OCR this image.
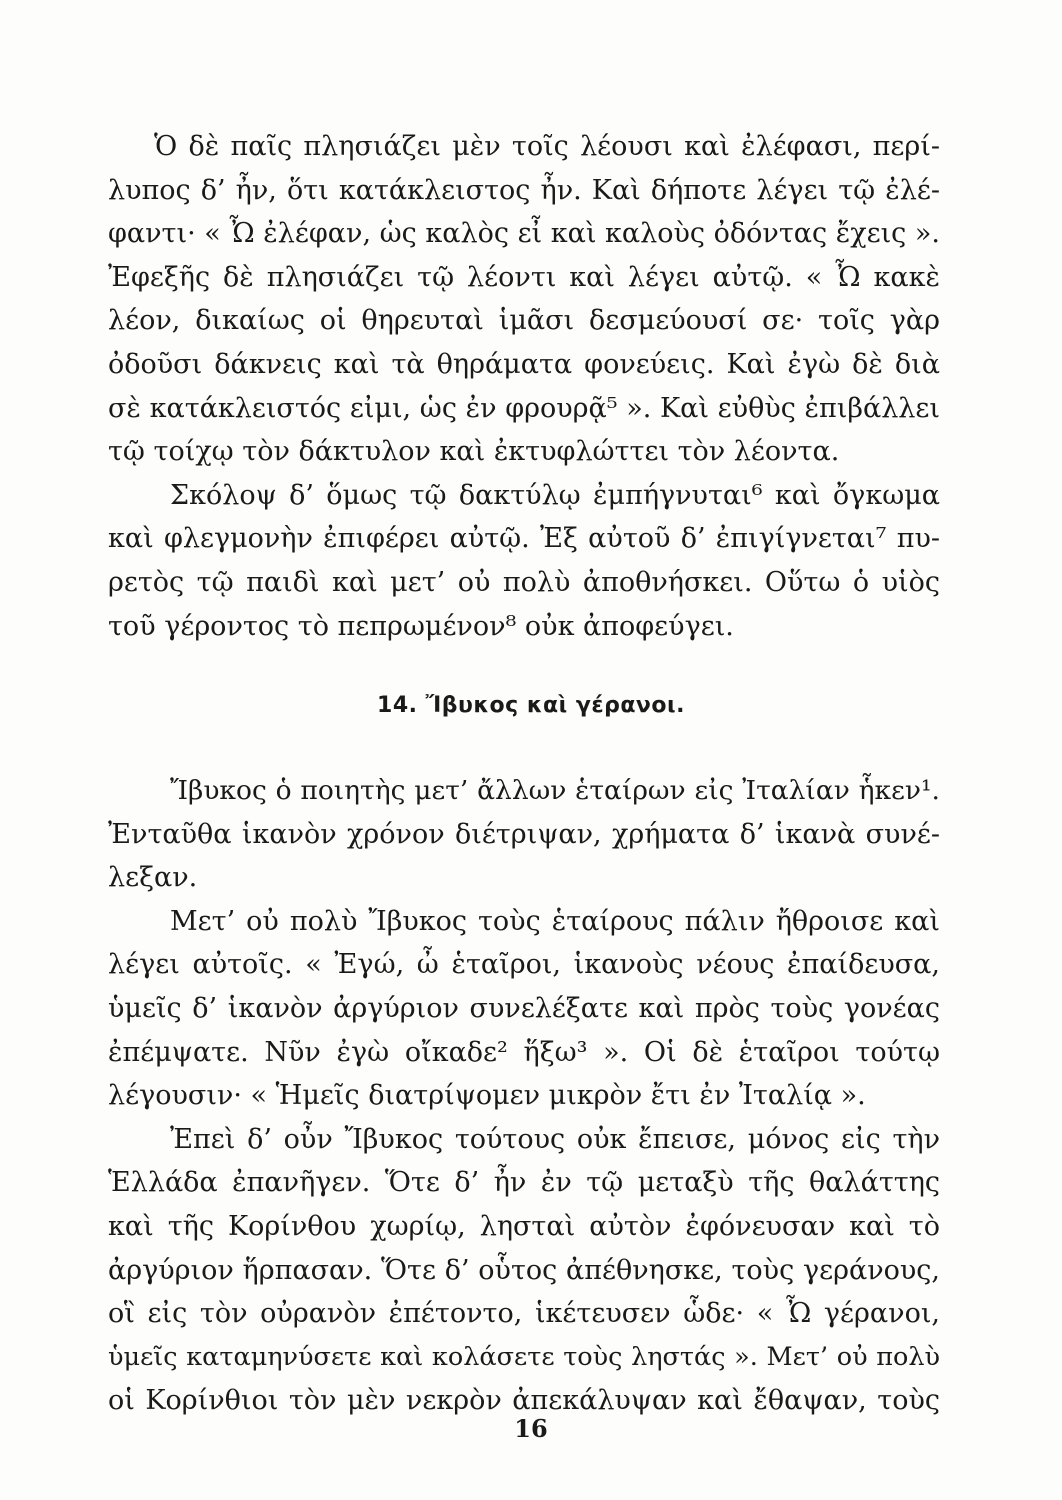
Ὁ δὲ παῖς πλησιάζει μὲν τοῖς λέουσι καὶ ἐλέφασι, περί-
λυπος δ’ ἦν, ὅτι κατάκλειστος ἦν. Καὶ δήποτε λέγει τῷ ἐλέ-
φαντι· « Ὦ ἐλέφαν, ὡς καλὸς εἶ καὶ καλοὺς ὀδόντας ἔχεις ».
Ἐφεξῆς δὲ πλησιάζει τῷ λέοντι καὶ λέγει αὐτῷ. « Ὦ κακὲ
λέον, δικαίως οἱ θηρευταὶ ἱμᾶσι δεσμεύουσί σε· τοῖς γὰρ
ὀδοῦσι δάκνεις καὶ τὰ θηράματα φονεύεις. Καὶ ἐγὼ δὲ διὰ
σὲ κατάκλειστός εἰμι, ὡς ἐν φρουρᾷ⁵ ». Καὶ εὐθὺς ἐπιβάλλει
τῷ τοίχῳ τὸν δάκτυλον καὶ ἐκτυφλώττει τὸν λέοντα.
Σκόλοψ δ’ ὅμως τῷ δακτύλῳ ἐμπήγνυται⁶ καὶ ὄγκωμα
καὶ φλεγμονὴν ἐπιφέρει αὐτῷ. Ἐξ αὐτοῦ δ’ ἐπιγίγνεται⁷ πυ-
ρετὸς τῷ παιδὶ καὶ μετ’ οὐ πολὺ ἀποθνήσκει. Οὕτω ὁ υἱὸς
τοῦ γέροντος τὸ πεπρωμένον⁸ οὐκ ἀποφεύγει.
14. Ἴβυκος καὶ γέρανοι.
Ἴβυκος ὁ ποιητὴς μετ’ ἄλλων ἑταίρων εἰς Ἰταλίαν ἧκεν¹.
Ἐνταῦθα ἱκανὸν χρόνον διέτριψαν, χρήματα δ’ ἱκανὰ συνέ-
λεξαν.
Μετ’ οὐ πολὺ Ἴβυκος τοὺς ἑταίρους πάλιν ἤθροισε καὶ
λέγει αὐτοῖς. « Ἐγώ, ὦ ἑταῖροι, ἱκανοὺς νέους ἐπαίδευσα,
ὑμεῖς δ’ ἱκανὸν ἀργύριον συνελέξατε καὶ πρὸς τοὺς γονέας
ἐπέμψατε. Νῦν ἐγὼ οἴκαδε² ἥξω³ ». Οἱ δὲ ἑταῖροι τούτῳ
λέγουσιν· « Ἡμεῖς διατρίψομεν μικρὸν ἔτι ἐν Ἰταλίᾳ ».
Ἐπεὶ δ’ οὖν Ἴβυκος τούτους οὐκ ἔπεισε, μόνος εἰς τὴν
Ἑλλάδα ἐπανῆγεν. Ὅτε δ’ ἦν ἐν τῷ μεταξὺ τῆς θαλάττης
καὶ τῆς Κορίνθου χωρίῳ, λησταὶ αὐτὸν ἐφόνευσαν καὶ τὸ
ἀργύριον ἥρπασαν. Ὅτε δ’ οὗτος ἀπέθνησκε, τοὺς γεράνους,
οἳ εἰς τὸν οὐρανὸν ἐπέτοντο, ἱκέτευσεν ὧδε· « Ὦ γέρανοι,
ὑμεῖς καταμηνύσετε καὶ κολάσετε τοὺς ληστάς ». Μετ’ οὐ πολὺ
οἱ Κορίνθιοι τὸν μὲν νεκρὸν ἀπεκάλυψαν καὶ ἔθαψαν, τοὺς
16
